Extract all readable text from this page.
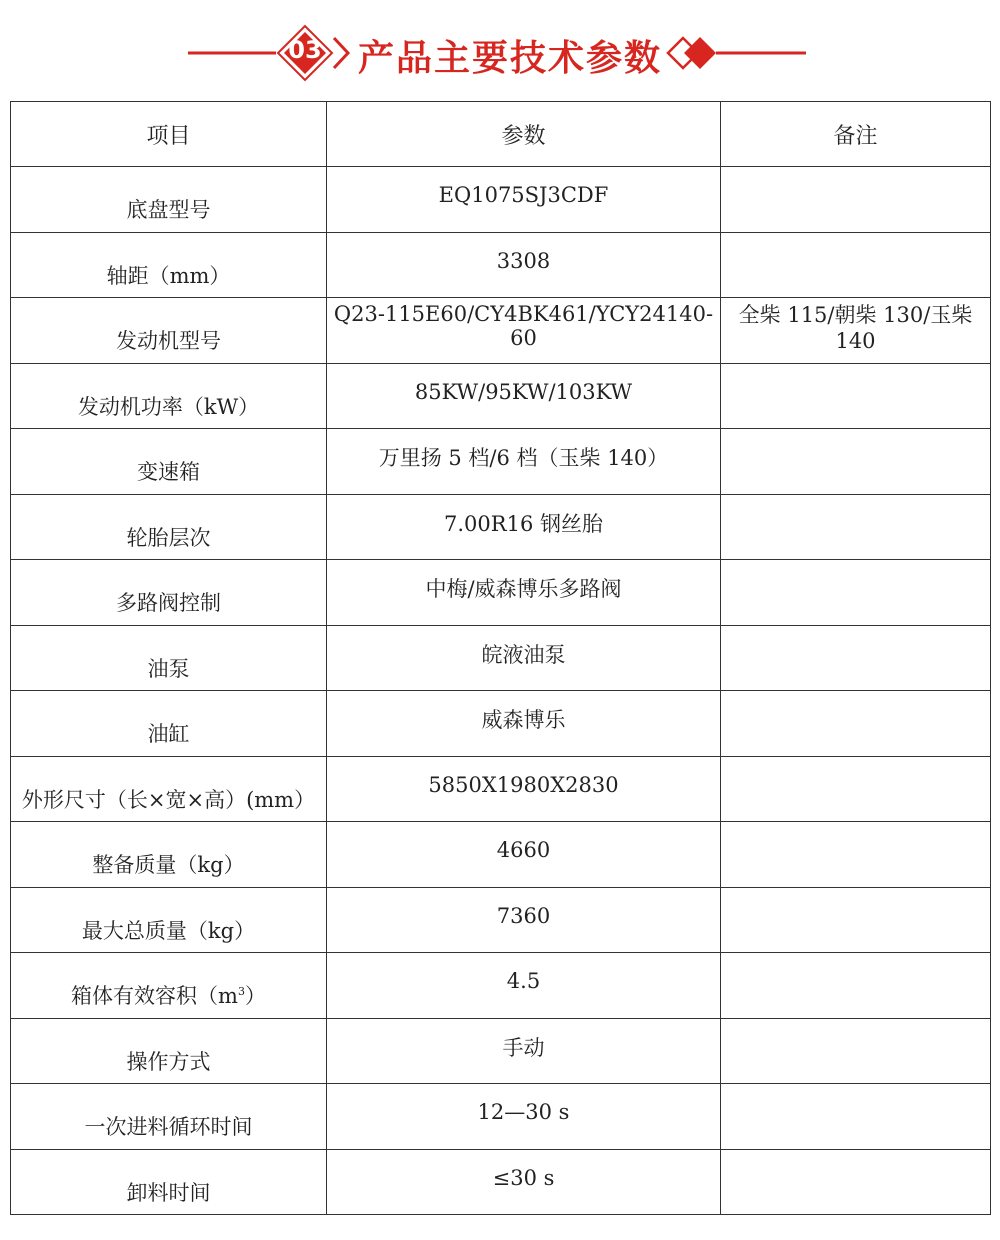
03 产品主要技术参数
项目	参数	备注
底盘型号	EQ1075SJ3CDF	
轴距（mm）	3308	
发动机型号	Q23-115E60/CY4BK461/YCY24140-60	全柴 115/朝柴 130/玉柴 140
发动机功率（kW）	85KW/95KW/103KW	
变速箱	万里扬 5 档/6 档（玉柴 140）	
轮胎层次	7.00R16 钢丝胎	
多路阀控制	中梅/威森博乐多路阀	
油泵	皖液油泵	
油缸	威森博乐	
外形尺寸（长×宽×高）(mm）	5850X1980X2830	
整备质量（kg）	4660	
最大总质量（kg）	7360	
箱体有效容积$(m^3)$	4.5	
操作方式	手动	
一次进料循环时间	12—30 s	
卸料时间	≤30 s	
